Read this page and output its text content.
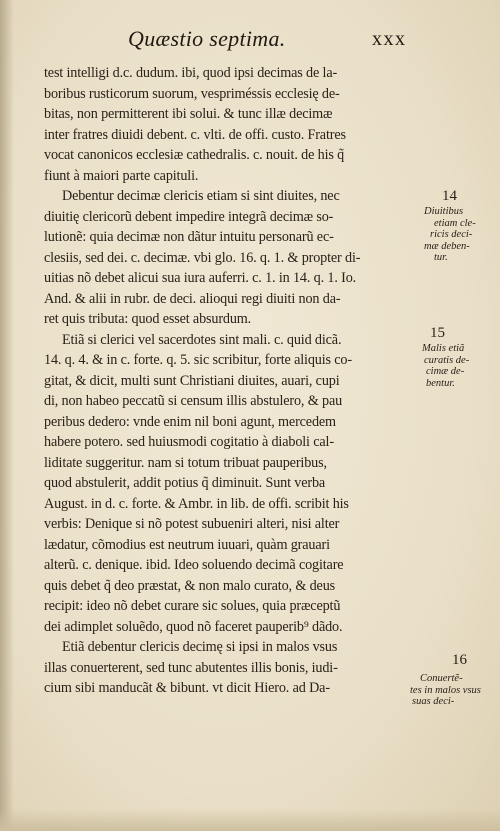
Quæstio septima.	xxx
test intelligi d.c. dudum. ibi, quod ipsi decimas de la-
boribus rusticorum suorum, vespriméssis ecclesię de-
bitas, non permitterent ibi solui. & tunc illæ decimæ
inter fratres diuidi debent. c. vlti. de offi. custo. Fratres
vocat canonicos ecclesiæ cathedralis. c. nouit. de his q̃
fiunt à maiori parte capituli.
Debentur decimæ clericis etiam si sint diuites, nec
diuitię clericorũ debent impedire integrã decimæ so-
lutionẽ: quia decimæ non dãtur intuitu personarũ ec-
clesiis, sed dei. c. decimæ. vbi glo. 16. q. 1. & propter di-
uitias nõ debet alicui sua iura auferri. c. 1. in 14. q. 1. Io.
And. & alii in rubr. de deci. alioqui regi diuiti non da-
ret quis tributa: quod esset absurdum.
Etiã si clerici vel sacerdotes sint mali. c. quid dicã.
14. q. 4. & in c. forte. q. 5. sic scribitur, forte aliquis co-
gitat, & dicit, multi sunt Christiani diuites, auari, cupi
di, non habeo peccatũ si censum illis abstulero, & pau
peribus dedero: vnde enim nil boni agunt, mercedem
habere potero. sed huiusmodi cogitatio à diaboli cal-
liditate suggeritur. nam si totum tribuat pauperibus,
quod abstulerit, addit potius q̃ diminuit. Sunt verba
August. in d. c. forte. & Ambr. in lib. de offi. scribit his
verbis: Denique si nõ potest subueniri alteri, nisi alter
lædatur, cõmodius est neutrum iuuari, quàm grauari
alterũ. c. denique. ibid. Ideo soluendo decimã cogitare
quis debet q̃ deo præstat, & non malo curato, & deus
recipit: ideo nõ debet curare sic solues, quia præceptũ
dei adimplet soluẽdo, quod nõ faceret pauperib⁹ dãdo.
Etiã debentur clericis decimę si ipsi in malos vsus
illas conuerterent, sed tunc abutentes illis bonis, iudi-
cium sibi manducãt & bibunt. vt dicit Hiero. ad Da-
14
Diuitibus
etiam cle-
ricis deci-
mæ deben-
tur.
15
Malis etiã
curatis de-
cimæ de-
bentur.
16
Conuertẽ-
tes in malos vsus
suas deci-
